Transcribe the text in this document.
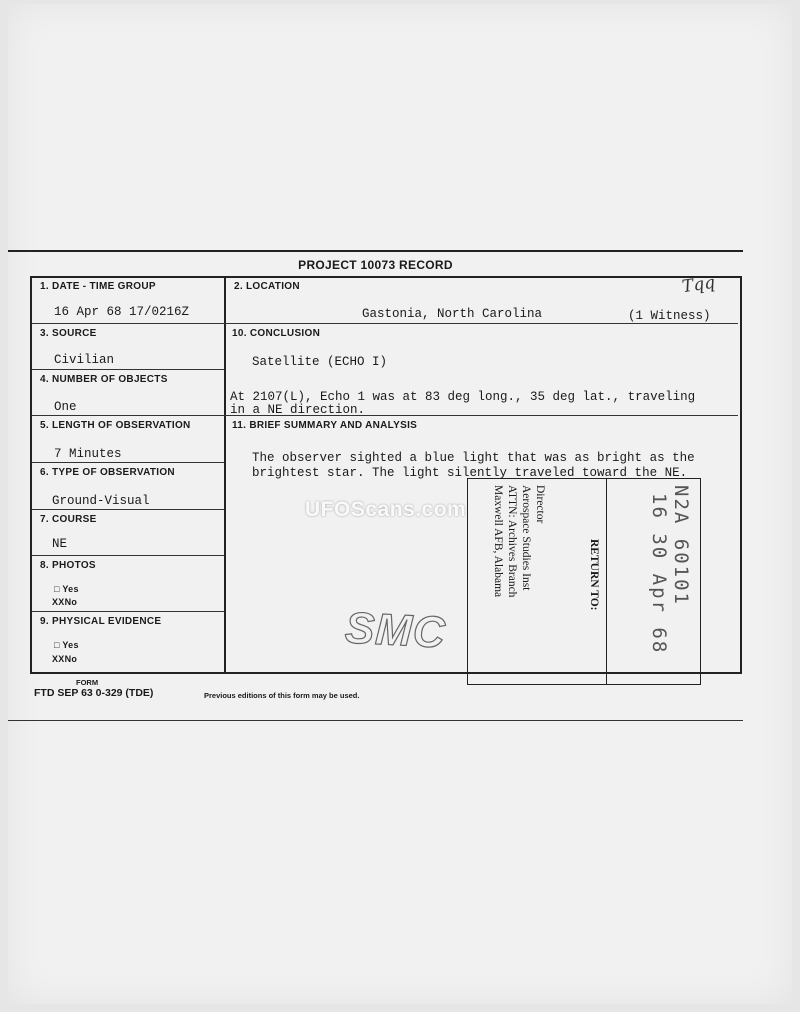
PROJECT 10073 RECORD
1. DATE - TIME GROUP
16 Apr 68 17/0216Z
2. LOCATION
Gastonia, North Carolina	(1 Witness)
3. SOURCE
Civilian
10. CONCLUSION
Satellite (ECHO I)
At 2107(L), Echo 1 was at 83 deg long., 35 deg lat., traveling
in a NE direction.
4. NUMBER OF OBJECTS
One
5. LENGTH OF OBSERVATION
7 Minutes
11. BRIEF SUMMARY AND ANALYSIS
The observer sighted a blue light that was as bright as the
brightest star. The light silently traveled toward the NE.
6. TYPE OF OBSERVATION
Ground-Visual
7. COURSE
NE
8. PHOTOS
□ Yes
XXNo
9. PHYSICAL EVIDENCE
□ Yes
XXNo
FORM
FTD SEP 63 0-329 (TDE)	Previous editions of this form may be used.
Tqq
SMC
RETURN TO:
Director
Aerospace Studies Inst
ATTN: Archives Branch
Maxwell AFB, Alabama	N2A 60101
16 30 Apr 68
UFOScans.com
